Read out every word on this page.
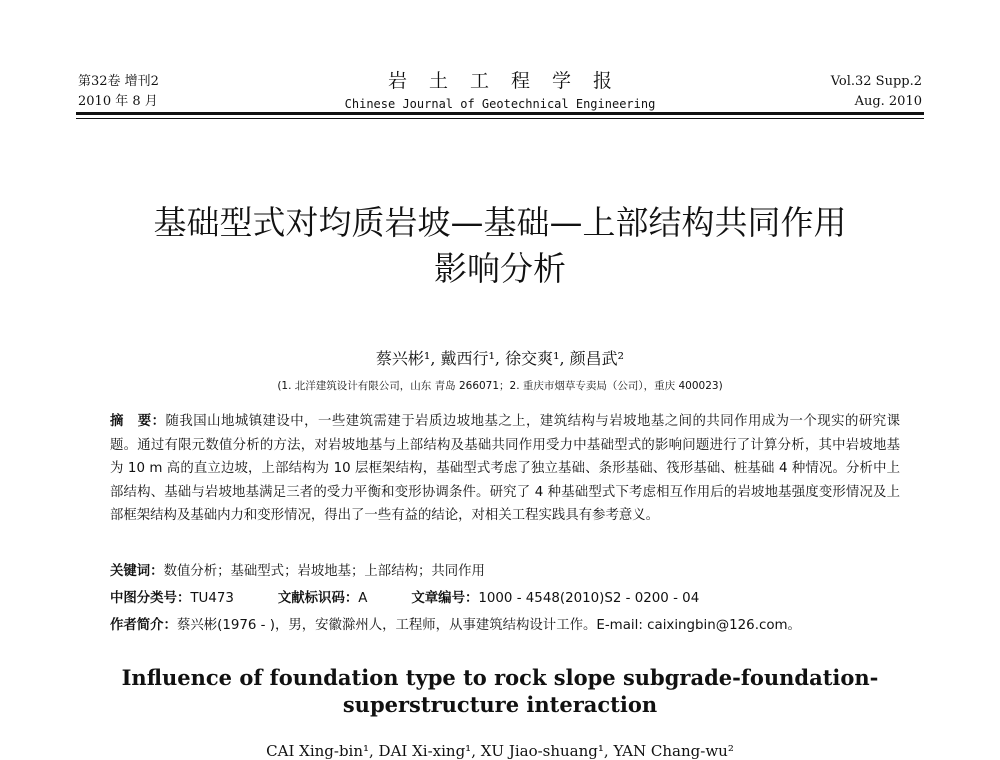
第32卷 增刊2
2010 年 8 月
岩土工程学报
Chinese Journal of Geotechnical Engineering
Vol.32 Supp.2
Aug. 2010
基础型式对均质岩坡—基础—上部结构共同作用
影响分析
蔡兴彬¹, 戴西行¹, 徐交爽¹, 颜昌武²
(1. 北洋建筑设计有限公司，山东 青岛 266071；2. 重庆市烟草专卖局（公司），重庆 400023)
摘　要：随我国山地城镇建设中，一些建筑需建于岩质边坡地基之上，建筑结构与岩坡地基之间的共同作用成为一个现实的研究课题。通过有限元数值分析的方法，对岩坡地基与上部结构及基础共同作用受力中基础型式的影响问题进行了计算分析，其中岩坡地基为 10 m 高的直立边坡，上部结构为 10 层框架结构，基础型式考虑了独立基础、条形基础、筏形基础、桩基础 4 种情况。分析中上部结构、基础与岩坡地基满足三者的受力平衡和变形协调条件。研究了 4 种基础型式下考虑相互作用后的岩坡地基强度变形情况及上部框架结构及基础内力和变形情况，得出了一些有益的结论，对相关工程实践具有参考意义。
关键词：数值分析；基础型式；岩坡地基；上部结构；共同作用
中图分类号：TU473	文献标识码：A	文章编号：1000 - 4548(2010)S2 - 0200 - 04
作者简介：蔡兴彬(1976 - )，男，安徽滁州人，工程师，从事建筑结构设计工作。E-mail: caixingbin@126.com。
Influence of foundation type to rock slope subgrade-foundation-superstructure interaction
CAI Xing-bin¹, DAI Xi-xing¹, XU Jiao-shuang¹, YAN Chang-wu²
